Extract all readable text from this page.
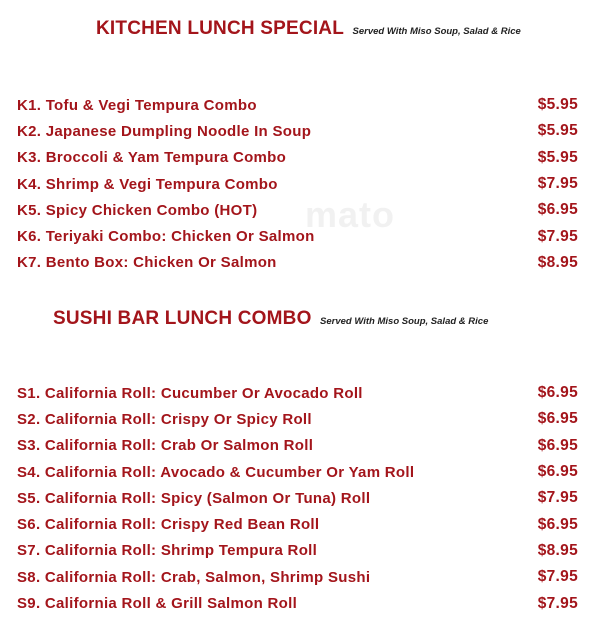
KITCHEN LUNCH SPECIAL Served With Miso Soup, Salad & Rice
K1. Tofu & Vegi Tempura Combo	$5.95
K2. Japanese Dumpling Noodle In Soup	$5.95
K3. Broccoli & Yam Tempura Combo	$5.95
K4. Shrimp & Vegi Tempura Combo	$7.95
K5. Spicy Chicken Combo (HOT)	$6.95
K6. Teriyaki Combo: Chicken Or Salmon	$7.95
K7. Bento Box: Chicken Or Salmon	$8.95
mato
SUSHI BAR LUNCH COMBO Served With Miso Soup, Salad & Rice
S1. California Roll: Cucumber Or Avocado Roll	$6.95
S2. California Roll: Crispy Or Spicy Roll	$6.95
S3. California Roll: Crab Or Salmon Roll	$6.95
S4. California Roll: Avocado & Cucumber Or Yam Roll	$6.95
S5. California Roll: Spicy (Salmon Or Tuna) Roll	$7.95
S6. California Roll: Crispy Red Bean Roll	$6.95
S7. California Roll: Shrimp Tempura Roll	$8.95
S8. California Roll: Crab, Salmon, Shrimp Sushi	$7.95
S9. California Roll & Grill Salmon Roll	$7.95
